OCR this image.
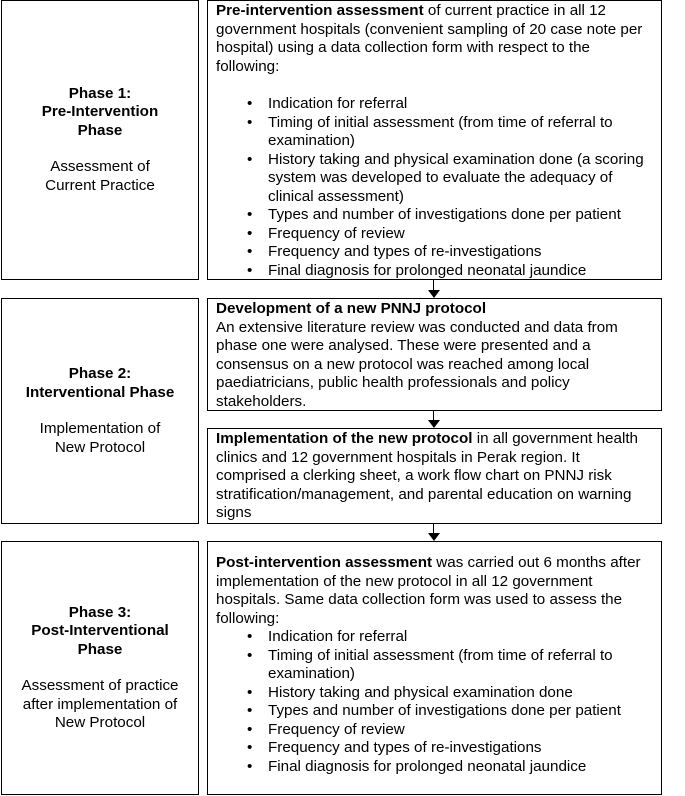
Phase 1:
Pre-Intervention
Phase
Assessment of Current Practice
Phase 2:
Interventional Phase
Implementation of New Protocol
Phase 3:
Post-Interventional
Phase
Assessment of practice after implementation of New Protocol

Pre-intervention assessment of current practice in all 12 government hospitals (convenient sampling of 20 case note per hospital) using a data collection form with respect to the following:

• Indication for referral
• Timing of initial assessment (from time of referral to examination)
• History taking and physical examination done (a scoring system was developed to evaluate the adequacy of clinical assessment)
• Types and number of investigations done per patient
• Frequency of review
• Frequency and types of re-investigations
• Final diagnosis for prolonged neonatal jaundice

Development of a new PNNJ protocol

An extensive literature review was conducted and data from phase one were analysed. These were presented and a consensus on a new protocol was reached among local paediatricians, public health professionals and policy stakeholders.

Implementation of the new protocol in all government health clinics and 12 government hospitals in Perak region. It comprised a clerking sheet, a work flow chart on PNNJ risk stratification/management, and parental education on warning signs

Post-intervention assessment was carried out 6 months after implementation of the new protocol in all 12 government hospitals. Same data collection form was used to assess the following:

• Indication for referral
• Timing of initial assessment (from time of referral to examination)
• History taking and physical examination done
• Types and number of investigations done per patient
• Frequency of review
• Frequency and types of re-investigations
• Final diagnosis for prolonged neonatal jaundice
